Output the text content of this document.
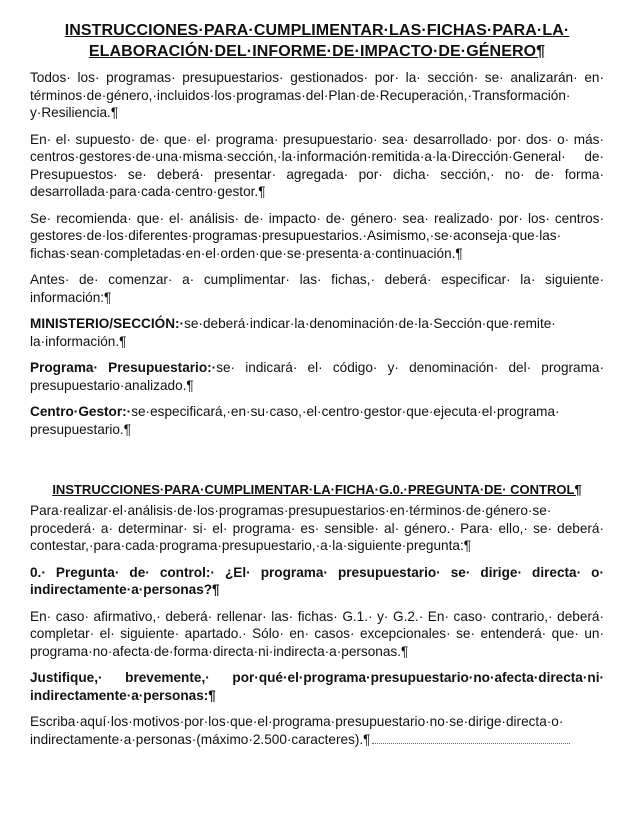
INSTRUCCIONES·PARA·CUMPLIMENTAR·LAS·FICHAS·PARA·LA· ELABORACIÓN·DEL·INFORME·DE·IMPACTO·DE·GÉNERO¶

Todos· los· programas· presupuestarios· gestionados· por· la· sección· se· analizarán· en· términos·de·género,·incluidos·los·programas·del·Plan·de·Recuperación,·Transformación· y·Resiliencia.¶

En· el· supuesto· de· que· el· programa· presupuestario· sea· desarrollado· por· dos· o· más· centros·gestores·de·una·misma·sección,·la·información·remitida·a·la·Dirección·General· de· Presupuestos· se· deberá· presentar· agregada· por· dicha· sección,· no· de· forma· desarrollada·para·cada·centro·gestor.¶

Se· recomienda· que· el· análisis· de· impacto· de· género· sea· realizado· por· los· centros· gestores·de·los·diferentes·programas·presupuestarios.·Asimismo,·se·aconseja·que·las· fichas·sean·completadas·en·el·orden·que·se·presenta·a·continuación.¶

Antes· de· comenzar· a· cumplimentar· las· fichas,· deberá· especificar· la· siguiente· información:¶

MINISTERIO/SECCIÓN:·se·deberá·indicar·la·denominación·de·la·Sección·que·remite· la·información.¶

Programa· Presupuestario:·se· indicará· el· código· y· denominación· del· programa· presupuestario·analizado.¶

Centro·Gestor:·se·especificará,·en·su·caso,·el·centro·gestor·que·ejecuta·el·programa· presupuestario.¶

INSTRUCCIONES·PARA·CUMPLIMENTAR·LA·FICHA·G.0.·PREGUNTA·DE· CONTROL¶

Para·realizar·el·análisis·de·los·programas·presupuestarios·en·términos·de·género·se· procederá· a· determinar· si· el· programa· es· sensible· al· género.· Para· ello,· se· deberá· contestar,·para·cada·programa·presupuestario,·a·la·siguiente·pregunta:¶

0.· Pregunta· de· control:· ¿El· programa· presupuestario· se· dirige· directa· o· indirectamente·a·personas?¶

En· caso· afirmativo,· deberá· rellenar· las· fichas· G.1.· y· G.2.· En· caso· contrario,· deberá· completar· el· siguiente· apartado.· Sólo· en· casos· excepcionales· se· entenderá· que· un· programa·no·afecta·de·forma·directa·ni·indirecta·a·personas.¶

Justifique,· brevemente,· por·qué·el·programa·presupuestario·no·afecta·directa·ni· indirectamente·a·personas:¶

Escriba·aquí·los·motivos·por·los·que·el·programa·presupuestario·no·se·dirige·directa·o· indirectamente·a·personas·(máximo·2.500·caracteres).¶
